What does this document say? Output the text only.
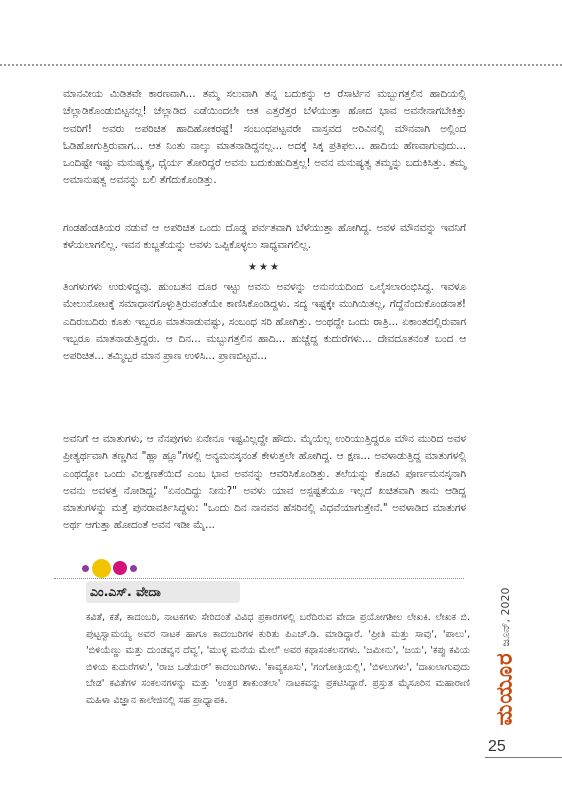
ಮಾನವೀಯ ಮಿಡಿತವೇ ಕಾರಣವಾಗಿ... ತಮ್ಮ ಸಲುವಾಗಿ ತನ್ನ ಬದುಕನ್ನು ಆ ರೆಸಾರ್ಟಿನ ಮಬ್ಬುಗತ್ತಲಿನ ಹಾದಿಯಲ್ಲಿ ಚೆಲ್ಲಾಡಿಕೊಂಡುಬಿಟ್ಟನಲ್ಲ! ಚೆಲ್ಲಾಡಿದ ಎಡೆಯಿಂದಲೇ ಆತ ಎತ್ತರೆತ್ತರ ಬೆಳೆಯುತ್ತಾ ಹೋದ ಭಾವ ಅವನೇನಾಗಬೇಕಿತ್ತು ಅವರಿಗೆ! ಅವರು ಅಪರಿಚಿತ ಹಾದಿಹೋಕರಷ್ಟೆ! ಸಂಬಂಧಪಟ್ಟವರೇ ವಾಸ್ತವದ ಅರಿವಿನಲ್ಲಿ ಮೌನವಾಗಿ ಅಲ್ಲಿಂದ ಓಡಿಹೋಗುತ್ತಿರುವಾಗ... ಆತ ನಿಂತು ನಾಲ್ಕು ಮಾತನಾಡಿದ್ದನಲ್ಲ... ಅದಕ್ಕೆ ಸಿಕ್ಕ ಪ್ರತಿಫಲ... ಹಾದಿಯ ಹೆಣವಾಗುವುದು... ಒಂದಿಷ್ಟೇ ಇಷ್ಟು ಮನುಷ್ಯತ್ವ, ಧೈರ್ಯ ತೋರಿದ್ದರೆ ಅವನು ಬದುಕುಹುದಿತ್ತಲ್ಲ! ಅವನ ಮನುಷ್ಯತ್ವ ತಮ್ಮನ್ನು ಬದುಕಿಸಿತ್ತು. ತಮ್ಮ ಅಮಾನುಷತ್ವ ಅವನನ್ನು ಬಲಿ ತೆಗೆದುಕೊಂಡಿತ್ತು.

ಗಂಡಹೆಂಡತಿಯರ ನಡುವೆ ಆ ಅಪರಿಚಿತ ಒಂದು ದೊಡ್ಡ ಪರ್ವತವಾಗಿ ಬೆಳೆಯುತ್ತಾ ಹೋಗಿದ್ದ. ಅವಳ ಮೌನವನ್ನು ಇವನಿಗೆ ಕಳೆಯಲಾಗಲಿಲ್ಲ. ಇವನ ಕುಬ್ಜತೆಯನ್ನು ಅವಳು ಒಪ್ಪಿಕೊಳ್ಳಲು ಸಾಧ್ಯವಾಗಲಿಲ್ಲ.

★★★

ತಿಂಗಳುಗಳು ಉರುಳಿದ್ದವು. ಹುಂಬತನ ದೂರ ಇಟ್ಟು ಅವನು ಅವಳನ್ನು ಅನುನಯದಿಂದ ಒಲೈಸಲಾರಂಭಿಸಿದ್ದ. ಇವಳೂ ಮೇಲುನೋಟಕ್ಕೆ ಸಮಾಧಾನಗೊಳ್ಳುತ್ತಿರುವಂತೆಯೇ ಕಾಣಿಸಿಕೊಂಡಿದ್ದಳು. ಸದ್ಯ ಇಷ್ಟಕ್ಕೇ ಮುಗಿಯಿತಲ್ಲ, ಗೆದ್ದೆನೆಂದುಕೊಂಡನಾತ! ಎದಿರುಬದಿರು ಕೂತು ಇಬ್ಬರೂ ಮಾತನಾಡುವಷ್ಟು, ಸಂಬಂಧ ಸರಿ ಹೋಗಿತ್ತು. ಅಂಥದ್ದೇ ಒಂದು ರಾತ್ರಿ... ಏಕಾಂತದಲ್ಲಿರುವಾಗ ಇಬ್ಬರೂ ಮಾತನಾಡುತ್ತಿದ್ದರು. ಆ ದಿನ... ಮಬ್ಬುಗತ್ತಲಿನ ಹಾದಿ... ಹುಚ್ಚೆದ್ದ ಕುದುರೆಗಳು... ದೇವದೂತನಂತೆ ಬಂದ ಆ ಅಪರಿಚಿತ... ತಮ್ಮಿಬ್ಬರ ಮಾನ ಪ್ರಾಣ ಉಳಿಸಿ... ಪ್ರಾಣಬಿಟ್ಟವ...

ಅವನಿಗೆ ಆ ಮಾತುಗಳು, ಆ ನೆನಪುಗಳು ಏನೇನೂ ಇಷ್ಟವಿಲ್ಲದ್ದೇ ಹೌದು. ಮೈಯೆಲ್ಲ ಉರಿಯುತ್ತಿದ್ದರೂ ಮೌನ ಮುರಿದ ಅವಳ ಪ್ರೀತ್ಯರ್ಥವಾಗಿ ತಣ್ಣಗಿನ "ಹ್ಲಾ ಹ್ಲೂ"ಗಳಲ್ಲಿ ಅನ್ಯಮನಸ್ಕನಂತೆ ಕೇಳುತ್ತಲೇ ಹೋಗಿದ್ದ. ಆ ಕ್ಷಣ... ಅವಳಾಡುತ್ತಿದ್ದ ಮಾತುಗಳಲ್ಲಿ ಎಂಥದ್ದೋ ಒಂದು ವಿಲಕ್ಷಣತೆಯಿದೆ ಎಂಬ ಭಾವ ಅವನನ್ನು ಆವರಿಸಿಕೊಂಡಿತ್ತು. ತಲೆಯನ್ನು ಕೊಡವಿ ಪೂರ್ಣಮನಸ್ಕನಾಗಿ ಅವನು ಅವಳತ್ತ ನೋಡಿದ್ದ; "ಏನಂದಿದ್ದು ನೀನು?" ಅವಳು ಯಾವ ಅಸ್ಪಷ್ಟತೆಯೂ ಇಲ್ಲದೆ ಖಚಿತವಾಗಿ ತಾನು ಆಡಿದ್ದ ಮಾತುಗಳನ್ನು ಮತ್ತೆ ಪುನರಾವರ್ತಿಸಿದ್ದಳು: "ಒಂದು ದಿನ ನಾನವನ ಹೆಸರಿನಲ್ಲಿ ವಿಧವೆಯಾಗುತ್ತೇನೆ." ಅವಳಾಡಿದ ಮಾತುಗಳ ಅರ್ಥ ಆಗುತ್ತಾ ಹೋದಂತೆ ಅವನ ಇಡೀ ಮೈ...

ಎಂ.ಎಸ್. ವೇದಾ

ಕವಿತೆ, ಕತೆ, ಕಾದಂಬರಿ, ನಾಟಕಗಳು ಸೇರಿದಂತೆ ವಿವಿಧ ಪ್ರಕಾರಗಳಲ್ಲಿ ಬರೆದಿರುವ ವೇದಾ ಪ್ರಯೋಗಶೀಲ ಲೇಖಕಿ. ಲೇಖಕ ಬಿ. ಪುಟ್ಟಸ್ವಾಮಯ್ಯ ಅವರ ನಾಟಕ ಹಾಗೂ ಕಾದಂಬರಿಗಳ ಕುರಿತು ಪಿಎಚ್.ಡಿ. ಮಾಡಿದ್ದಾರೆ. 'ಪ್ರೀತಿ ಮತ್ತು ಸಾವು', 'ಪಾಲು', 'ಬಿಳಿಯೆಣ್ಣು ಮತ್ತು ದುಂಡವ್ವನ ದೆವ್ವ', 'ಮುಳ್ಳ ಮನೆಯ ಮೇಲೆ' ಅವರ ಕಥಾಸಂಕಲನಗಳು. 'ಜಮೀನು', 'ಜಯ', 'ಕಪ್ಪು ಕವಿಯ ಬಿಳಿಯ ಕುದುರೆಗಳು', 'ರಾಜ ಒಡೆಯರ್' ಕಾದಂಬರಿಗಳು. 'ಕಾವ್ಯಕೂಸು', 'ಗಂಗೋತ್ರಿಯಲ್ಲಿ', 'ಬಿಳಲುಗಳು', 'ದಾಖಲಾಗುವುದು ಬೇಡ' ಕವಿತೆಗಳ ಸಂಕಲನಗಳನ್ನು ಮತ್ತು 'ಉತ್ತರ ಶಾಕುಂತಲಾ' ನಾಟಕವನ್ನು ಪ್ರಕಟಿಸಿದ್ದಾರೆ. ಪ್ರಸ್ತುತ ಮೈಸೂರಿನ ಮಹಾರಾಣಿ ಮಹಿಳಾ ವಿಜ್ಞಾನ ಕಾಲೇಜಿನಲ್ಲಿ ಸಹ ಪ್ರಾಧ್ಯಾಪಕಿ.

ಜೂನ್, 2020
ಮಯೂರ
25
